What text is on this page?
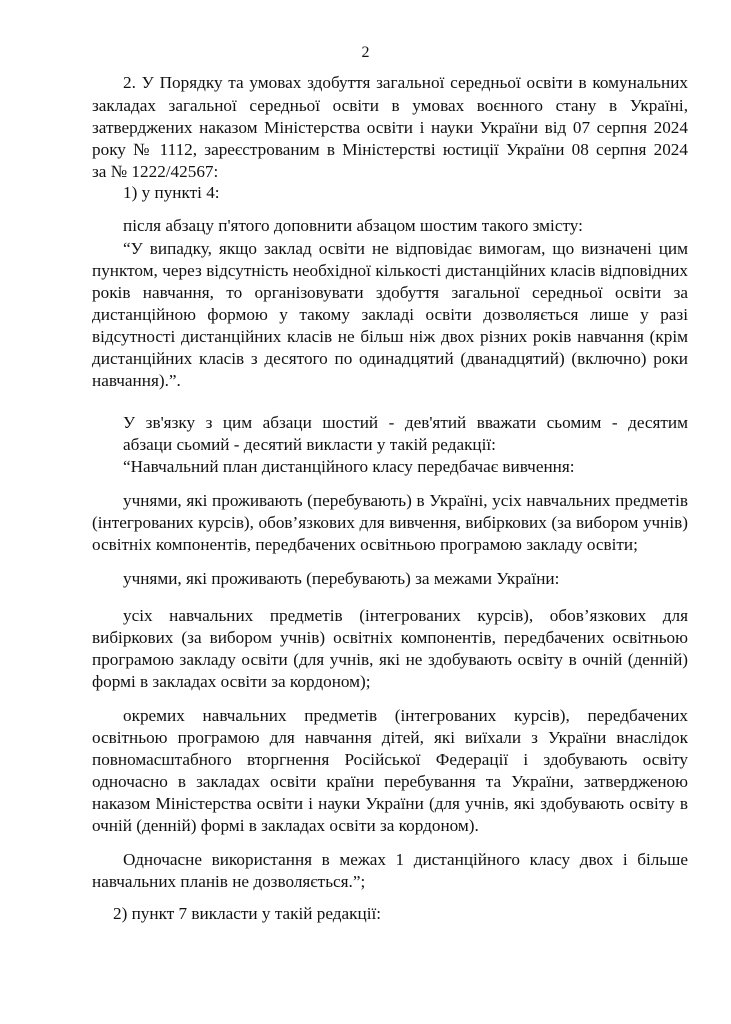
2
2. У Порядку та умовах здобуття загальної середньої освіти в комунальних
закладах загальної середньої освіти в умовах воєнного стану в Україні,
затверджених наказом Міністерства освіти і науки України від 07 серпня 2024
року № 1112, зареєстрованим в Міністерстві юстиції України 08 серпня 2024
за № 1222/42567:
1) у пункті 4:
після абзацу п'ятого доповнити абзацом шостим такого змісту:
“У випадку, якщо заклад освіти не відповідає вимогам, що визначені цим
пунктом, через відсутність необхідної кількості дистанційних класів відповідних
років навчання, то організовувати здобуття загальної середньої освіти за
дистанційною формою у такому закладі освіти дозволяється лише у разі
відсутності дистанційних класів не більш ніж двох різних років навчання (крім
дистанційних класів з десятого по одинадцятий (дванадцятий) (включно) роки
навчання).”.
У зв'язку з цим абзаци шостий - дев'ятий вважати сьомим - десятим
абзаци сьомий - десятий викласти у такій редакції:
“Навчальний план дистанційного класу передбачає вивчення:
учнями, які проживають (перебувають) в Україні, усіх навчальних предметів
(інтегрованих курсів), обов’язкових для вивчення, вибіркових (за вибором учнів)
освітніх компонентів, передбачених освітньою програмою закладу освіти;
учнями, які проживають (перебувають) за межами України:
усіх навчальних предметів (інтегрованих курсів), обов’язкових для
вибіркових (за вибором учнів) освітніх компонентів, передбачених освітньою
програмою закладу освіти (для учнів, які не здобувають освіту в очній (денній)
формі в закладах освіти за кордоном);
окремих навчальних предметів (інтегрованих курсів), передбачених
освітньою програмою для навчання дітей, які виїхали з України внаслідок
повномасштабного вторгнення Російської Федерації і здобувають освіту
одночасно в закладах освіти країни перебування та України, затвердженою
наказом Міністерства освіти і науки України (для учнів, які здобувають освіту в
очній (денній) формі в закладах освіти за кордоном).
Одночасне використання в межах 1 дистанційного класу двох і більше
навчальних планів не дозволяється.”;
2) пункт 7 викласти у такій редакції:
